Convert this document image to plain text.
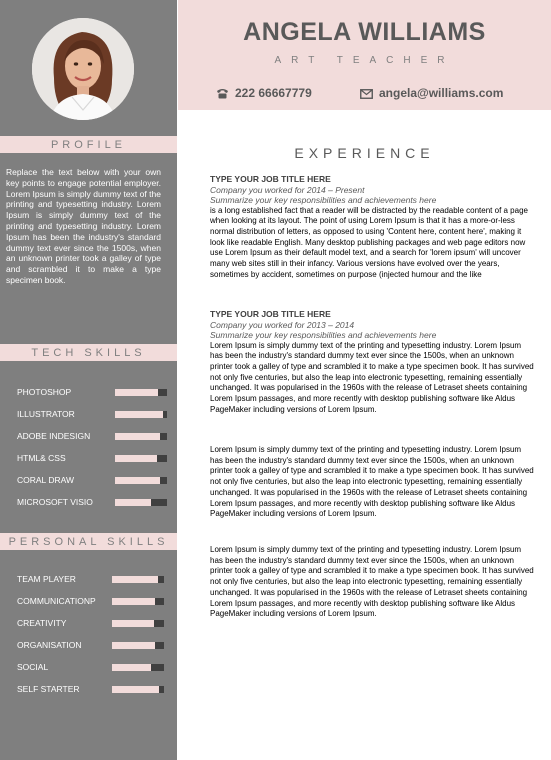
PROFILE
Replace the text below with your own key points to engage potential employer. Lorem Ipsum is simply dummy text of the printing and typesetting industry. Lorem Ipsum is simply dummy text of the printing and typesetting industry. Lorem Ipsum has been the industry's standard dummy text ever since the 1500s, when an unknown printer took a galley of type and scrambled it to make a type specimen book.
TECH SKILLS
PHOTOSHOP
ILLUSTRATOR
ADOBE INDESIGN
HTML& CSS
CORAL DRAW
MICROSOFT VISIO
PERSONAL SKILLS
TEAM PLAYER
COMMUNICATIONP
CREATIVITY
ORGANISATION
SOCIAL
SELF STARTER
ANGELA WILLIAMS
ART TEACHER
222 66667779	angela@williams.com
EXPERIENCE
TYPE YOUR JOB TITLE HERE
Company you worked for 2014 – Present
Summarize your key responsibilities and achievements here
is a long established fact that a reader will be distracted by the readable content of a page when looking at its layout. The point of using Lorem Ipsum is that it has a more-or-less normal distribution of letters, as opposed to using 'Content here, content here', making it look like readable English. Many desktop publishing packages and web page editors now use Lorem Ipsum as their default model text, and a search for 'lorem ipsum' will uncover many web sites still in their infancy. Various versions have evolved over the years, sometimes by accident, sometimes on purpose (injected humour and the like
TYPE YOUR JOB TITLE HERE
Company you worked for 2013 – 2014
Summarize your key responsibilities and achievements here
Lorem Ipsum is simply dummy text of the printing and typesetting industry. Lorem Ipsum has been the industry's standard dummy text ever since the 1500s, when an unknown printer took a galley of type and scrambled it to make a type specimen book. It has survived not only five centuries, but also the leap into electronic typesetting, remaining essentially unchanged. It was popularised in the 1960s with the release of Letraset sheets containing Lorem Ipsum passages, and more recently with desktop publishing software like Aldus PageMaker including versions of Lorem Ipsum.
Lorem Ipsum is simply dummy text of the printing and typesetting industry. Lorem Ipsum has been the industry's standard dummy text ever since the 1500s, when an unknown printer took a galley of type and scrambled it to make a type specimen book. It has survived not only five centuries, but also the leap into electronic typesetting, remaining essentially unchanged. It was popularised in the 1960s with the release of Letraset sheets containing Lorem Ipsum passages, and more recently with desktop publishing software like Aldus PageMaker including versions of Lorem Ipsum.
Lorem Ipsum is simply dummy text of the printing and typesetting industry. Lorem Ipsum has been the industry's standard dummy text ever since the 1500s, when an unknown printer took a galley of type and scrambled it to make a type specimen book. It has survived not only five centuries, but also the leap into electronic typesetting, remaining essentially unchanged. It was popularised in the 1960s with the release of Letraset sheets containing Lorem Ipsum passages, and more recently with desktop publishing software like Aldus PageMaker including versions of Lorem Ipsum.
